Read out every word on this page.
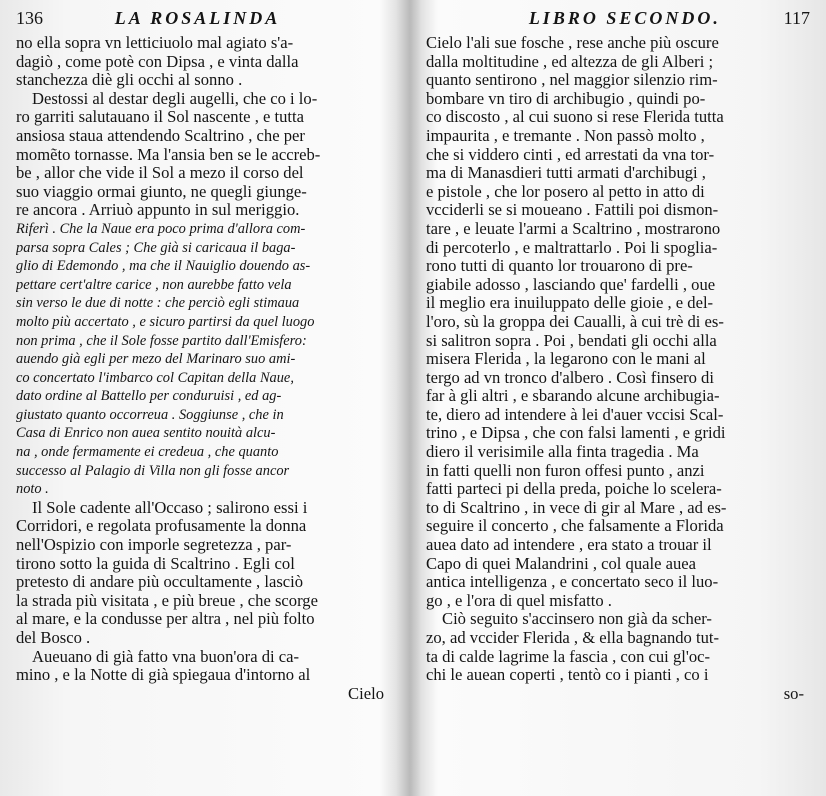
136	LA ROSALINDA
no ella sopra vn letticiuolo mal agiato s'a-
dagiò , come potè con Dipsa , e vinta dalla
stanchezza diè gli occhi al sonno .
Destossi al destar degli augelli, che co i lo-
ro garriti salutauano il Sol nascente , e tutta
ansiosa staua attendendo Scaltrino , che per
momẽto tornasse. Ma l'ansia ben se le accreb-
be , allor che vide il Sol a mezo il corso del
suo viaggio ormai giunto, ne quegli giunge-
re ancora . Arriuò appunto in sul meriggio.
Riferì . Che la Naue era poco prima d'allora com-
parsa sopra Cales ; Che già si caricaua il baga-
glio di Edemondo , ma che il Nauiglio douendo as-
pettare cert'altre carice , non aurebbe fatto vela
sin verso le due di notte : che perciò egli stimaua
molto più accertato , e sicuro partirsi da quel luogo
non prima , che il Sole fosse partito dall'Emisfero:
auendo già egli per mezo del Marinaro suo ami-
co concertato l'imbarco col Capitan della Naue,
dato ordine al Battello per conduruisi , ed ag-
giustato quanto occorreua . Soggiunse , che in
Casa di Enrico non auea sentito nouità alcu-
na , onde fermamente ei credeua , che quanto
successo al Palagio di Villa non gli fosse ancor
noto .
Il Sole cadente all'Occaso ; salirono essi i
Corridori, e regolata profusamente la donna
nell'Ospizio con imporle segretezza , par-
tirono sotto la guida di Scaltrino . Egli col
pretesto di andare più occultamente , lasciò
la strada più visitata , e più breue , che scorge
al mare, e la condusse per altra , nel più folto
del Bosco .
Aueuano di già fatto vna buon'ora di ca-
mino , e la Notte di già spiegaua d'intorno al
Cielo
LIBRO SECONDO.	117
Cielo l'ali sue fosche , rese anche più oscure
dalla moltitudine , ed altezza de gli Alberi ;
quanto sentirono , nel maggior silenzio rim-
bombare vn tiro di archibugio , quindi po-
co discosto , al cui suono si rese Flerida tutta
impaurita , e tremante . Non passò molto ,
che si viddero cinti , ed arrestati da vna tor-
ma di Manasdieri tutti armati d'archibugi ,
e pistole , che lor posero al petto in atto di
vcciderli se si moueano . Fattili poi dismon-
tare , e leuate l'armi a Scaltrino , mostrarono
di percoterlo , e maltrattarlo . Poi li spoglia-
rono tutti di quanto lor trouarono di pre-
giabile adosso , lasciando que' fardelli , oue
il meglio era inuiluppato delle gioie , e del-
l'oro, sù la groppa dei Caualli, à cui trè di es-
si salitron sopra . Poi , bendati gli occhi alla
misera Flerida , la legarono con le mani al
tergo ad vn tronco d'albero . Così finsero di
far à gli altri , e sbarando alcune archibugia-
te, diero ad intendere à lei d'auer vccisi Scal-
trino , e Dipsa , che con falsi lamenti , e gridi
diero il verisimile alla finta tragedia . Ma
in fatti quelli non furon offesi punto , anzi
fatti parteci pi della preda, poiche lo scelera-
to di Scaltrino , in vece di gir al Mare , ad es-
seguire il concerto , che falsamente a Florida
auea dato ad intendere , era stato a trouar il
Capo di quei Malandrini , col quale auea
antica intelligenza , e concertato seco il luo-
go , e l'ora di quel misfatto .
Ciò seguito s'accinsero non già da scher-
zo, ad vccider Flerida , & ella bagnando tut-
ta di calde lagrime la fascia , con cui gl'oc-
chi le auean coperti , tentò co i pianti , co i
so-
